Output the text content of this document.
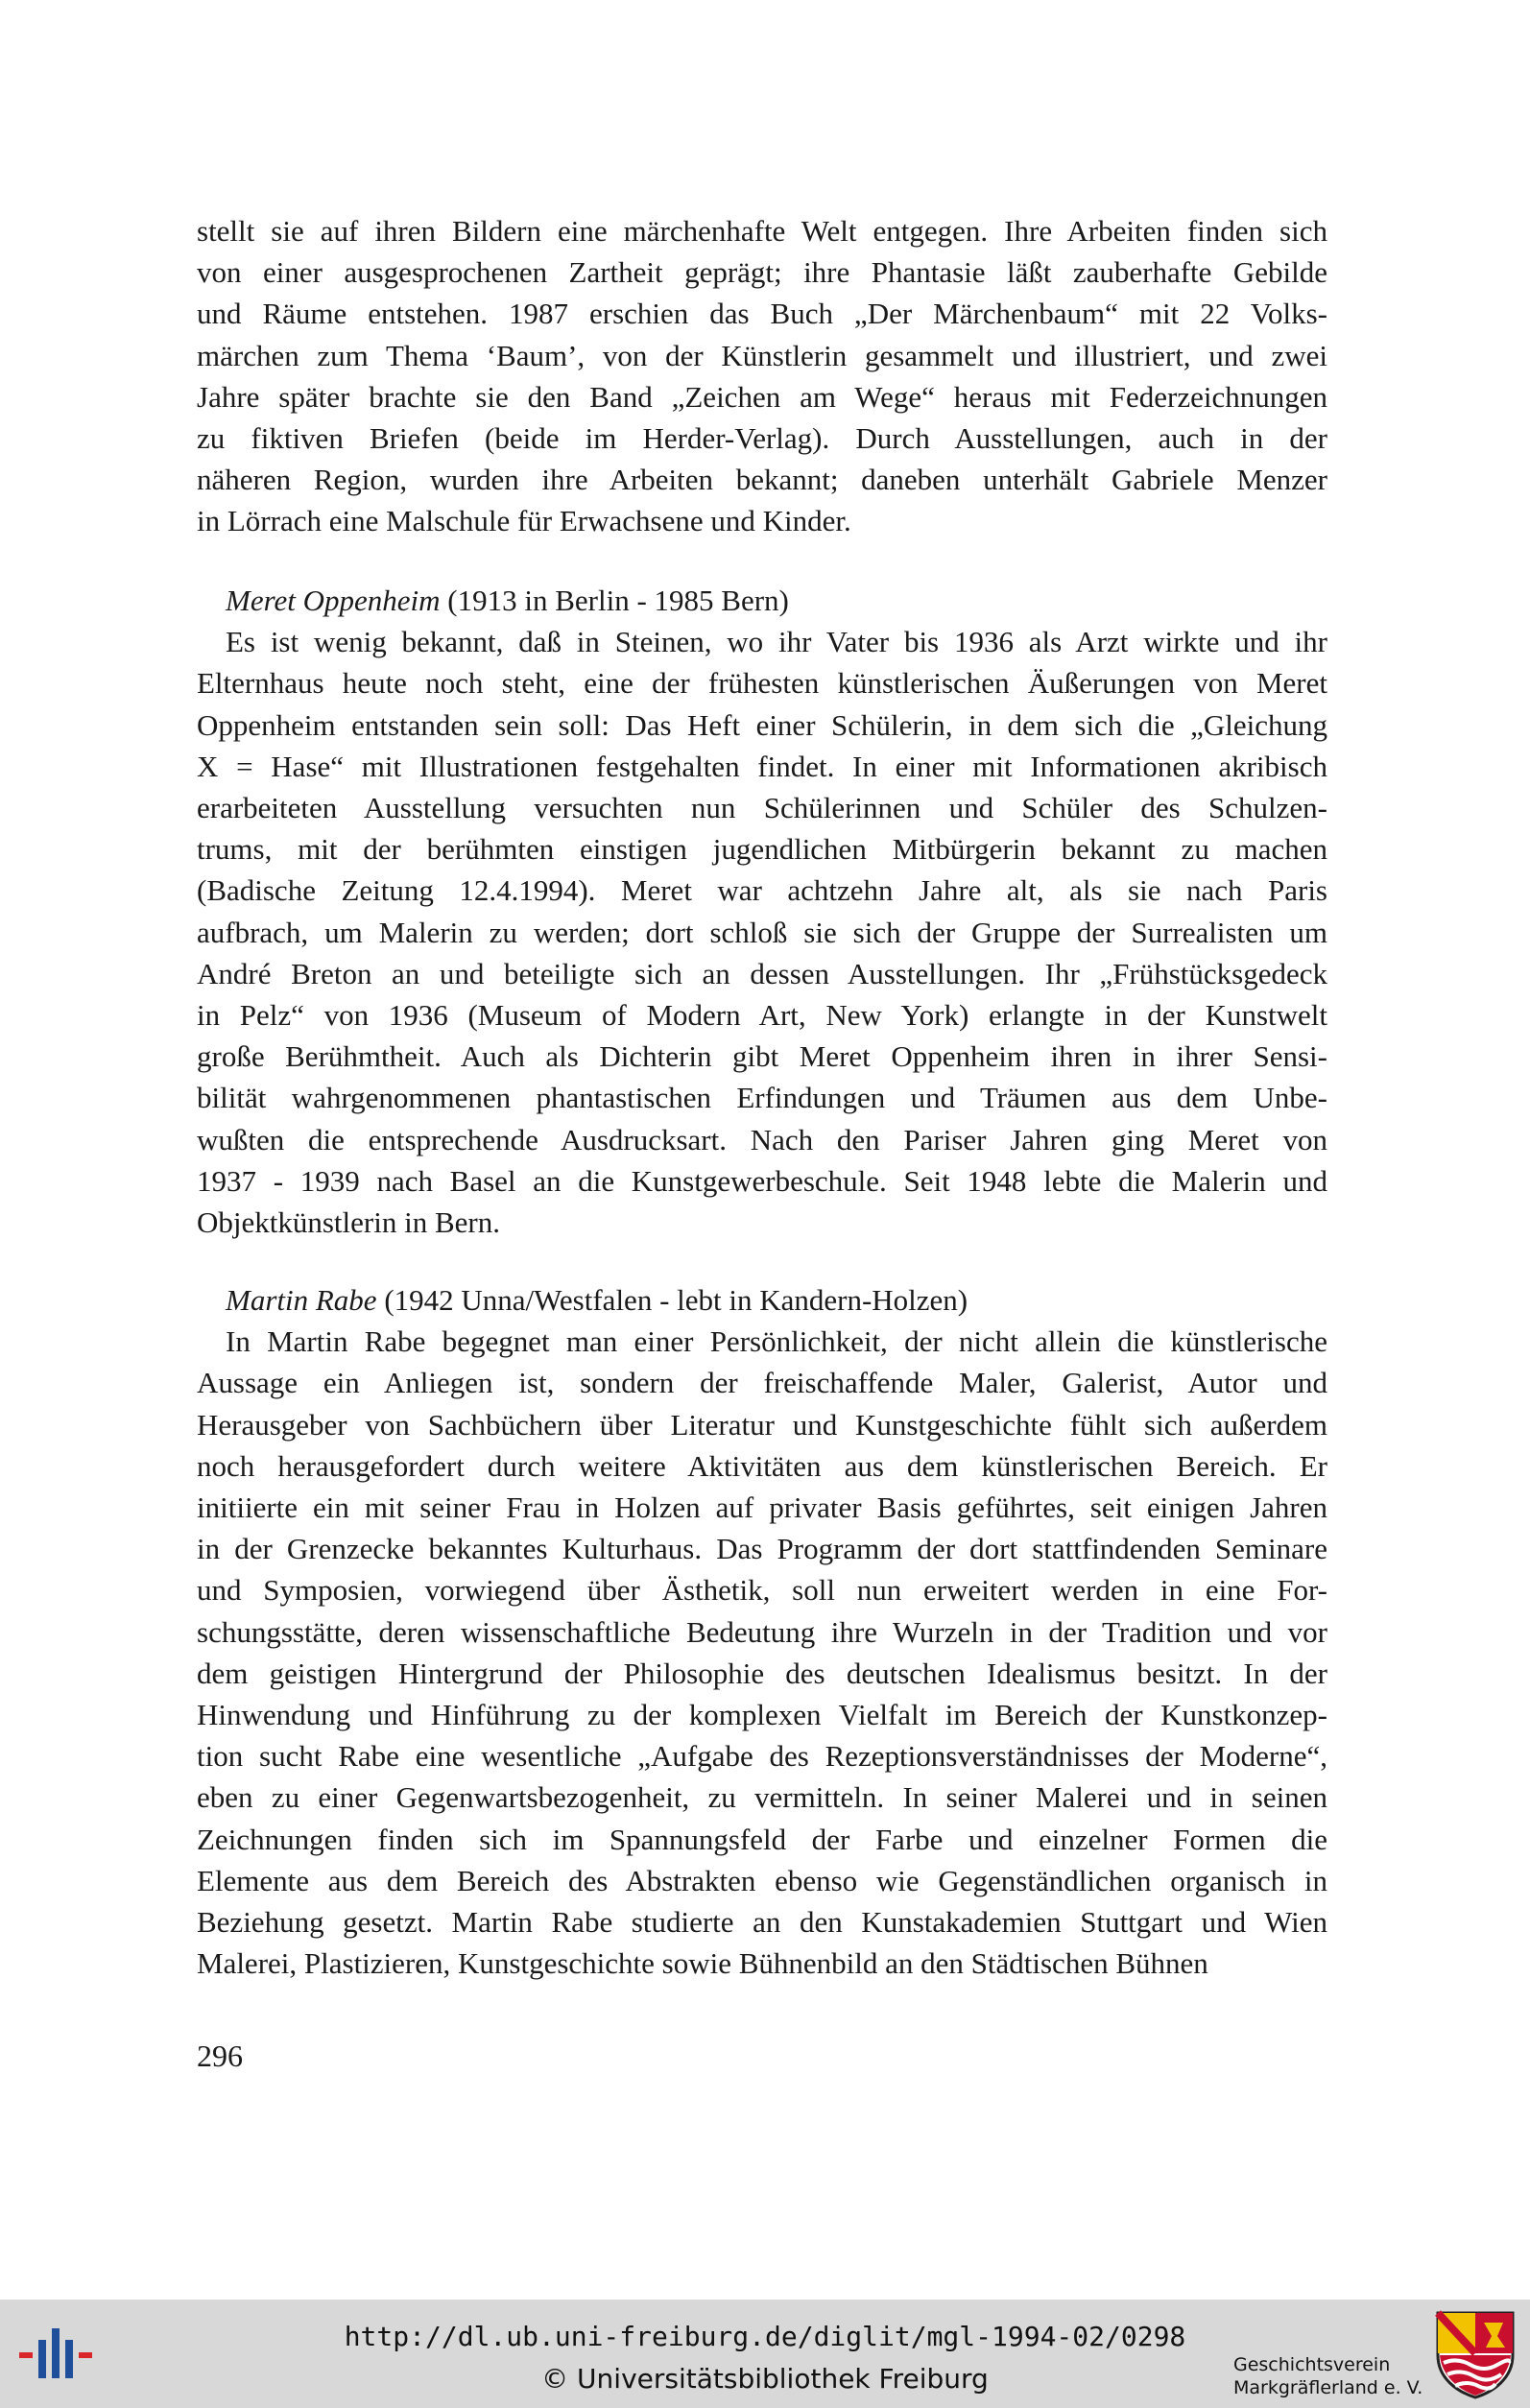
stellt sie auf ihren Bildern eine märchenhafte Welt entgegen. Ihre Arbeiten finden sich
von einer ausgesprochenen Zartheit geprägt; ihre Phantasie läßt zauberhafte Gebilde
und Räume entstehen. 1987 erschien das Buch „Der Märchenbaum“ mit 22 Volks-
märchen zum Thema ‘Baum’, von der Künstlerin gesammelt und illustriert, und zwei
Jahre später brachte sie den Band „Zeichen am Wege“ heraus mit Federzeichnungen
zu fiktiven Briefen (beide im Herder-Verlag). Durch Ausstellungen, auch in der
näheren Region, wurden ihre Arbeiten bekannt; daneben unterhält Gabriele Menzer
in Lörrach eine Malschule für Erwachsene und Kinder.
Meret Oppenheim (1913 in Berlin - 1985 Bern)
Es ist wenig bekannt, daß in Steinen, wo ihr Vater bis 1936 als Arzt wirkte und ihr
Elternhaus heute noch steht, eine der frühesten künstlerischen Äußerungen von Meret
Oppenheim entstanden sein soll: Das Heft einer Schülerin, in dem sich die „Gleichung
X = Hase“ mit Illustrationen festgehalten findet. In einer mit Informationen akribisch
erarbeiteten Ausstellung versuchten nun Schülerinnen und Schüler des Schulzen-
trums, mit der berühmten einstigen jugendlichen Mitbürgerin bekannt zu machen
(Badische Zeitung 12.4.1994). Meret war achtzehn Jahre alt, als sie nach Paris
aufbrach, um Malerin zu werden; dort schloß sie sich der Gruppe der Surrealisten um
André Breton an und beteiligte sich an dessen Ausstellungen. Ihr „Frühstücksgedeck
in Pelz“ von 1936 (Museum of Modern Art, New York) erlangte in der Kunstwelt
große Berühmtheit. Auch als Dichterin gibt Meret Oppenheim ihren in ihrer Sensi-
bilität wahrgenommenen phantastischen Erfindungen und Träumen aus dem Unbe-
wußten die entsprechende Ausdrucksart. Nach den Pariser Jahren ging Meret von
1937 - 1939 nach Basel an die Kunstgewerbeschule. Seit 1948 lebte die Malerin und
Objektkünstlerin in Bern.
Martin Rabe (1942 Unna/Westfalen - lebt in Kandern-Holzen)
In Martin Rabe begegnet man einer Persönlichkeit, der nicht allein die künstlerische
Aussage ein Anliegen ist, sondern der freischaffende Maler, Galerist, Autor und
Herausgeber von Sachbüchern über Literatur und Kunstgeschichte fühlt sich außerdem
noch herausgefordert durch weitere Aktivitäten aus dem künstlerischen Bereich. Er
initiierte ein mit seiner Frau in Holzen auf privater Basis geführtes, seit einigen Jahren
in der Grenzecke bekanntes Kulturhaus. Das Programm der dort stattfindenden Seminare
und Symposien, vorwiegend über Ästhetik, soll nun erweitert werden in eine For-
schungsstätte, deren wissenschaftliche Bedeutung ihre Wurzeln in der Tradition und vor
dem geistigen Hintergrund der Philosophie des deutschen Idealismus besitzt. In der
Hinwendung und Hinführung zu der komplexen Vielfalt im Bereich der Kunstkonzep-
tion sucht Rabe eine wesentliche „Aufgabe des Rezeptionsverständnisses der Moderne“,
eben zu einer Gegenwartsbezogenheit, zu vermitteln. In seiner Malerei und in seinen
Zeichnungen finden sich im Spannungsfeld der Farbe und einzelner Formen die
Elemente aus dem Bereich des Abstrakten ebenso wie Gegenständlichen organisch in
Beziehung gesetzt. Martin Rabe studierte an den Kunstakademien Stuttgart und Wien
Malerei, Plastizieren, Kunstgeschichte sowie Bühnenbild an den Städtischen Bühnen
296
http://dl.ub.uni-freiburg.de/diglit/mgl-1994-02/0298
© Universitätsbibliothek Freiburg	Geschichtsverein
Markgräflerland e. V.
